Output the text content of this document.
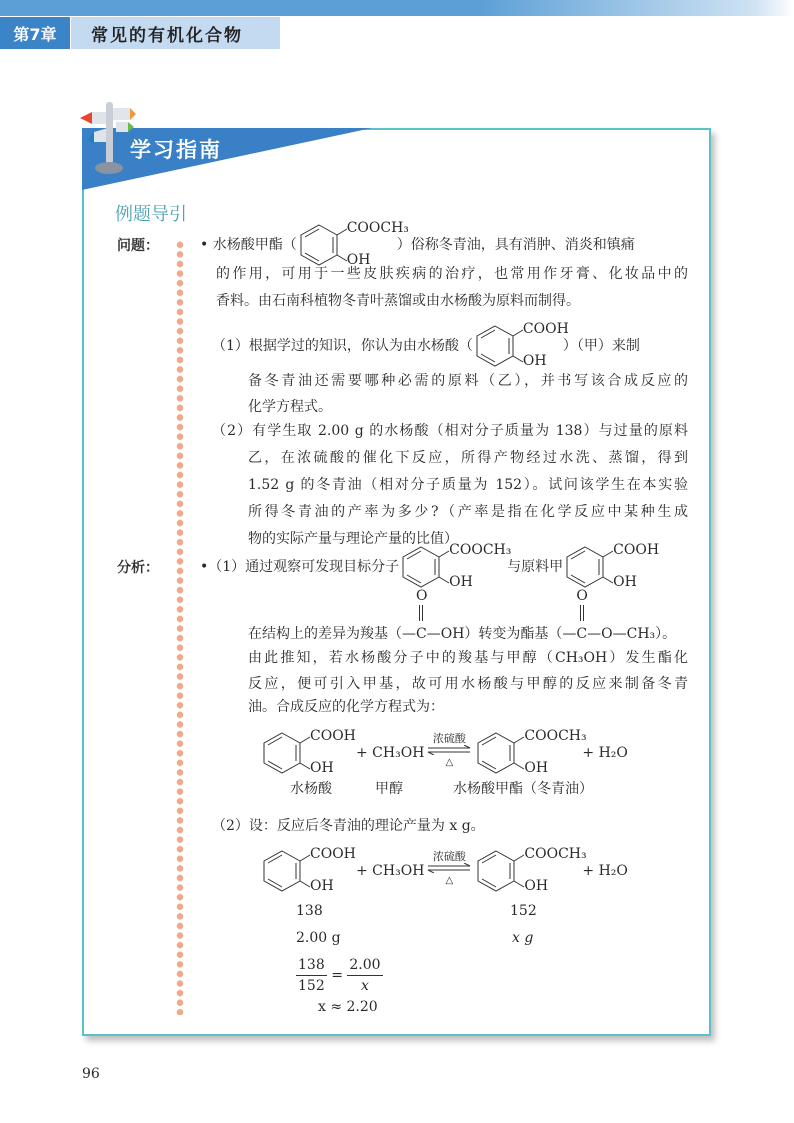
第7章	常见的有机化合物
学习指南
例题导引
问题：
分析：
• 水杨酸甲酯（
COOCH₃
OH
）俗称冬青油，具有消肿、消炎和镇痛
的作用，可用于一些皮肤疾病的治疗，也常用作牙膏、化妆品中的
香料。由石南科植物冬青叶蒸馏或由水杨酸为原料而制得。
（1）根据学过的知识，你认为由水杨酸（
COOH
OH
）（甲）来制
备冬青油还需要哪种必需的原料（乙），并书写该合成反应的
化学方程式。
（2）有学生取 2.00 g 的水杨酸（相对分子质量为 138）与过量的原料
乙，在浓硫酸的催化下反应，所得产物经过水洗、蒸馏，得到
1.52 g 的冬青油（相对分子质量为 152）。试问该学生在本实验
所得冬青油的产率为多少?（产率是指在化学反应中某种生成
物的实际产量与理论产量的比值）
•（1）通过观察可发现目标分子
COOCH₃
OH
与原料甲
COOH
OH
在结构上的差异为羧基（—
O
C—OH）转变为酯基（—
O
C—O—CH₃）。
由此推知，若水杨酸分子中的羧基与甲醇（CH₃OH）发生酯化
反应，便可引入甲基，故可用水杨酸与甲醇的反应来制备冬青
油。合成反应的化学方程式为：
COOH
OH
+ CH₃OH
浓硫酸
△
COOCH₃
OH
+ H₂O
水杨酸	甲醇	水杨酸甲酯（冬青油）
（2）设：反应后冬青油的理论产量为 x g。
COOH
OH
+ CH₃OH
浓硫酸
△
COOCH₃
OH
+ H₂O
138	152
2.00 g	x g
$\frac{138}{152} = \frac{2.00}{x}$
x ≈ 2.20
96
